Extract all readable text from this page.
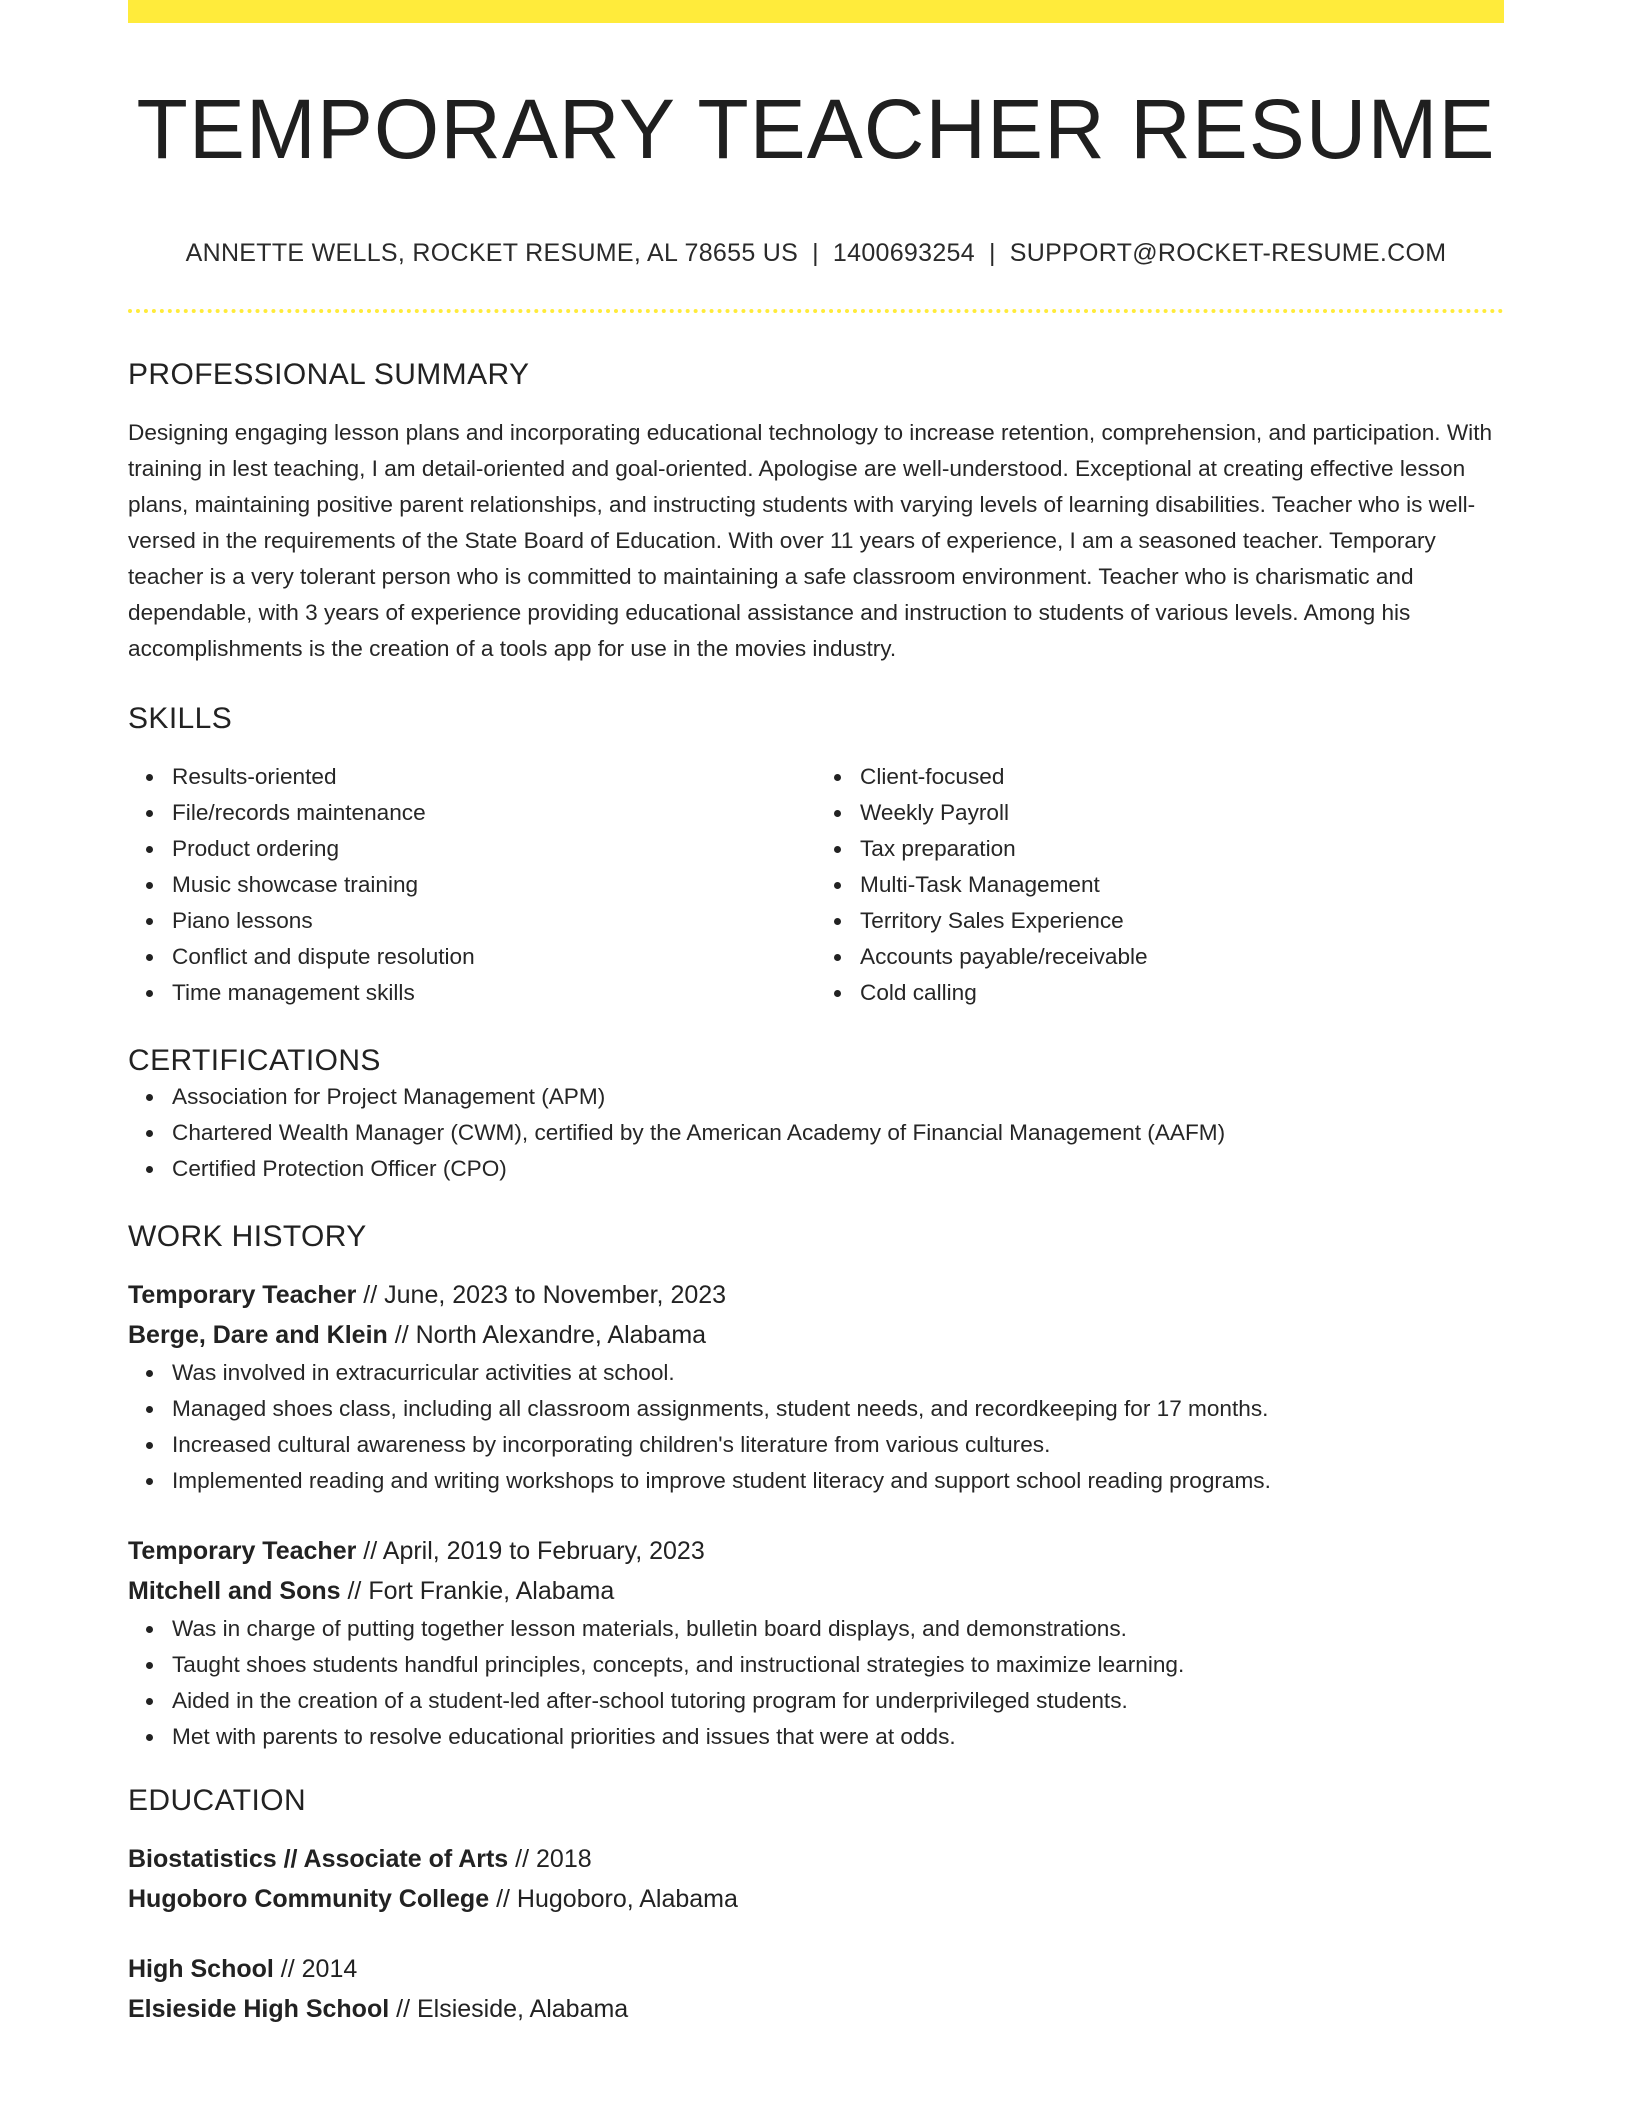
TEMPORARY TEACHER RESUME
ANNETTE WELLS, ROCKET RESUME, AL 78655 US | 1400693254 | SUPPORT@ROCKET-RESUME.COM
PROFESSIONAL SUMMARY
Designing engaging lesson plans and incorporating educational technology to increase retention, comprehension, and participation. With training in lest teaching, I am detail-oriented and goal-oriented. Apologise are well-understood. Exceptional at creating effective lesson plans, maintaining positive parent relationships, and instructing students with varying levels of learning disabilities. Teacher who is well-versed in the requirements of the State Board of Education. With over 11 years of experience, I am a seasoned teacher. Temporary teacher is a very tolerant person who is committed to maintaining a safe classroom environment. Teacher who is charismatic and dependable, with 3 years of experience providing educational assistance and instruction to students of various levels. Among his accomplishments is the creation of a tools app for use in the movies industry.
SKILLS
Results-oriented
File/records maintenance
Product ordering
Music showcase training
Piano lessons
Conflict and dispute resolution
Time management skills
Client-focused
Weekly Payroll
Tax preparation
Multi-Task Management
Territory Sales Experience
Accounts payable/receivable
Cold calling
CERTIFICATIONS
Association for Project Management (APM)
Chartered Wealth Manager (CWM), certified by the American Academy of Financial Management (AAFM)
Certified Protection Officer (CPO)
WORK HISTORY
Temporary Teacher // June, 2023 to November, 2023
Berge, Dare and Klein // North Alexandre, Alabama
Was involved in extracurricular activities at school.
Managed shoes class, including all classroom assignments, student needs, and recordkeeping for 17 months.
Increased cultural awareness by incorporating children's literature from various cultures.
Implemented reading and writing workshops to improve student literacy and support school reading programs.
Temporary Teacher // April, 2019 to February, 2023
Mitchell and Sons // Fort Frankie, Alabama
Was in charge of putting together lesson materials, bulletin board displays, and demonstrations.
Taught shoes students handful principles, concepts, and instructional strategies to maximize learning.
Aided in the creation of a student-led after-school tutoring program for underprivileged students.
Met with parents to resolve educational priorities and issues that were at odds.
EDUCATION
Biostatistics // Associate of Arts // 2018
Hugoboro Community College // Hugoboro, Alabama
High School // 2014
Elsieside High School // Elsieside, Alabama
